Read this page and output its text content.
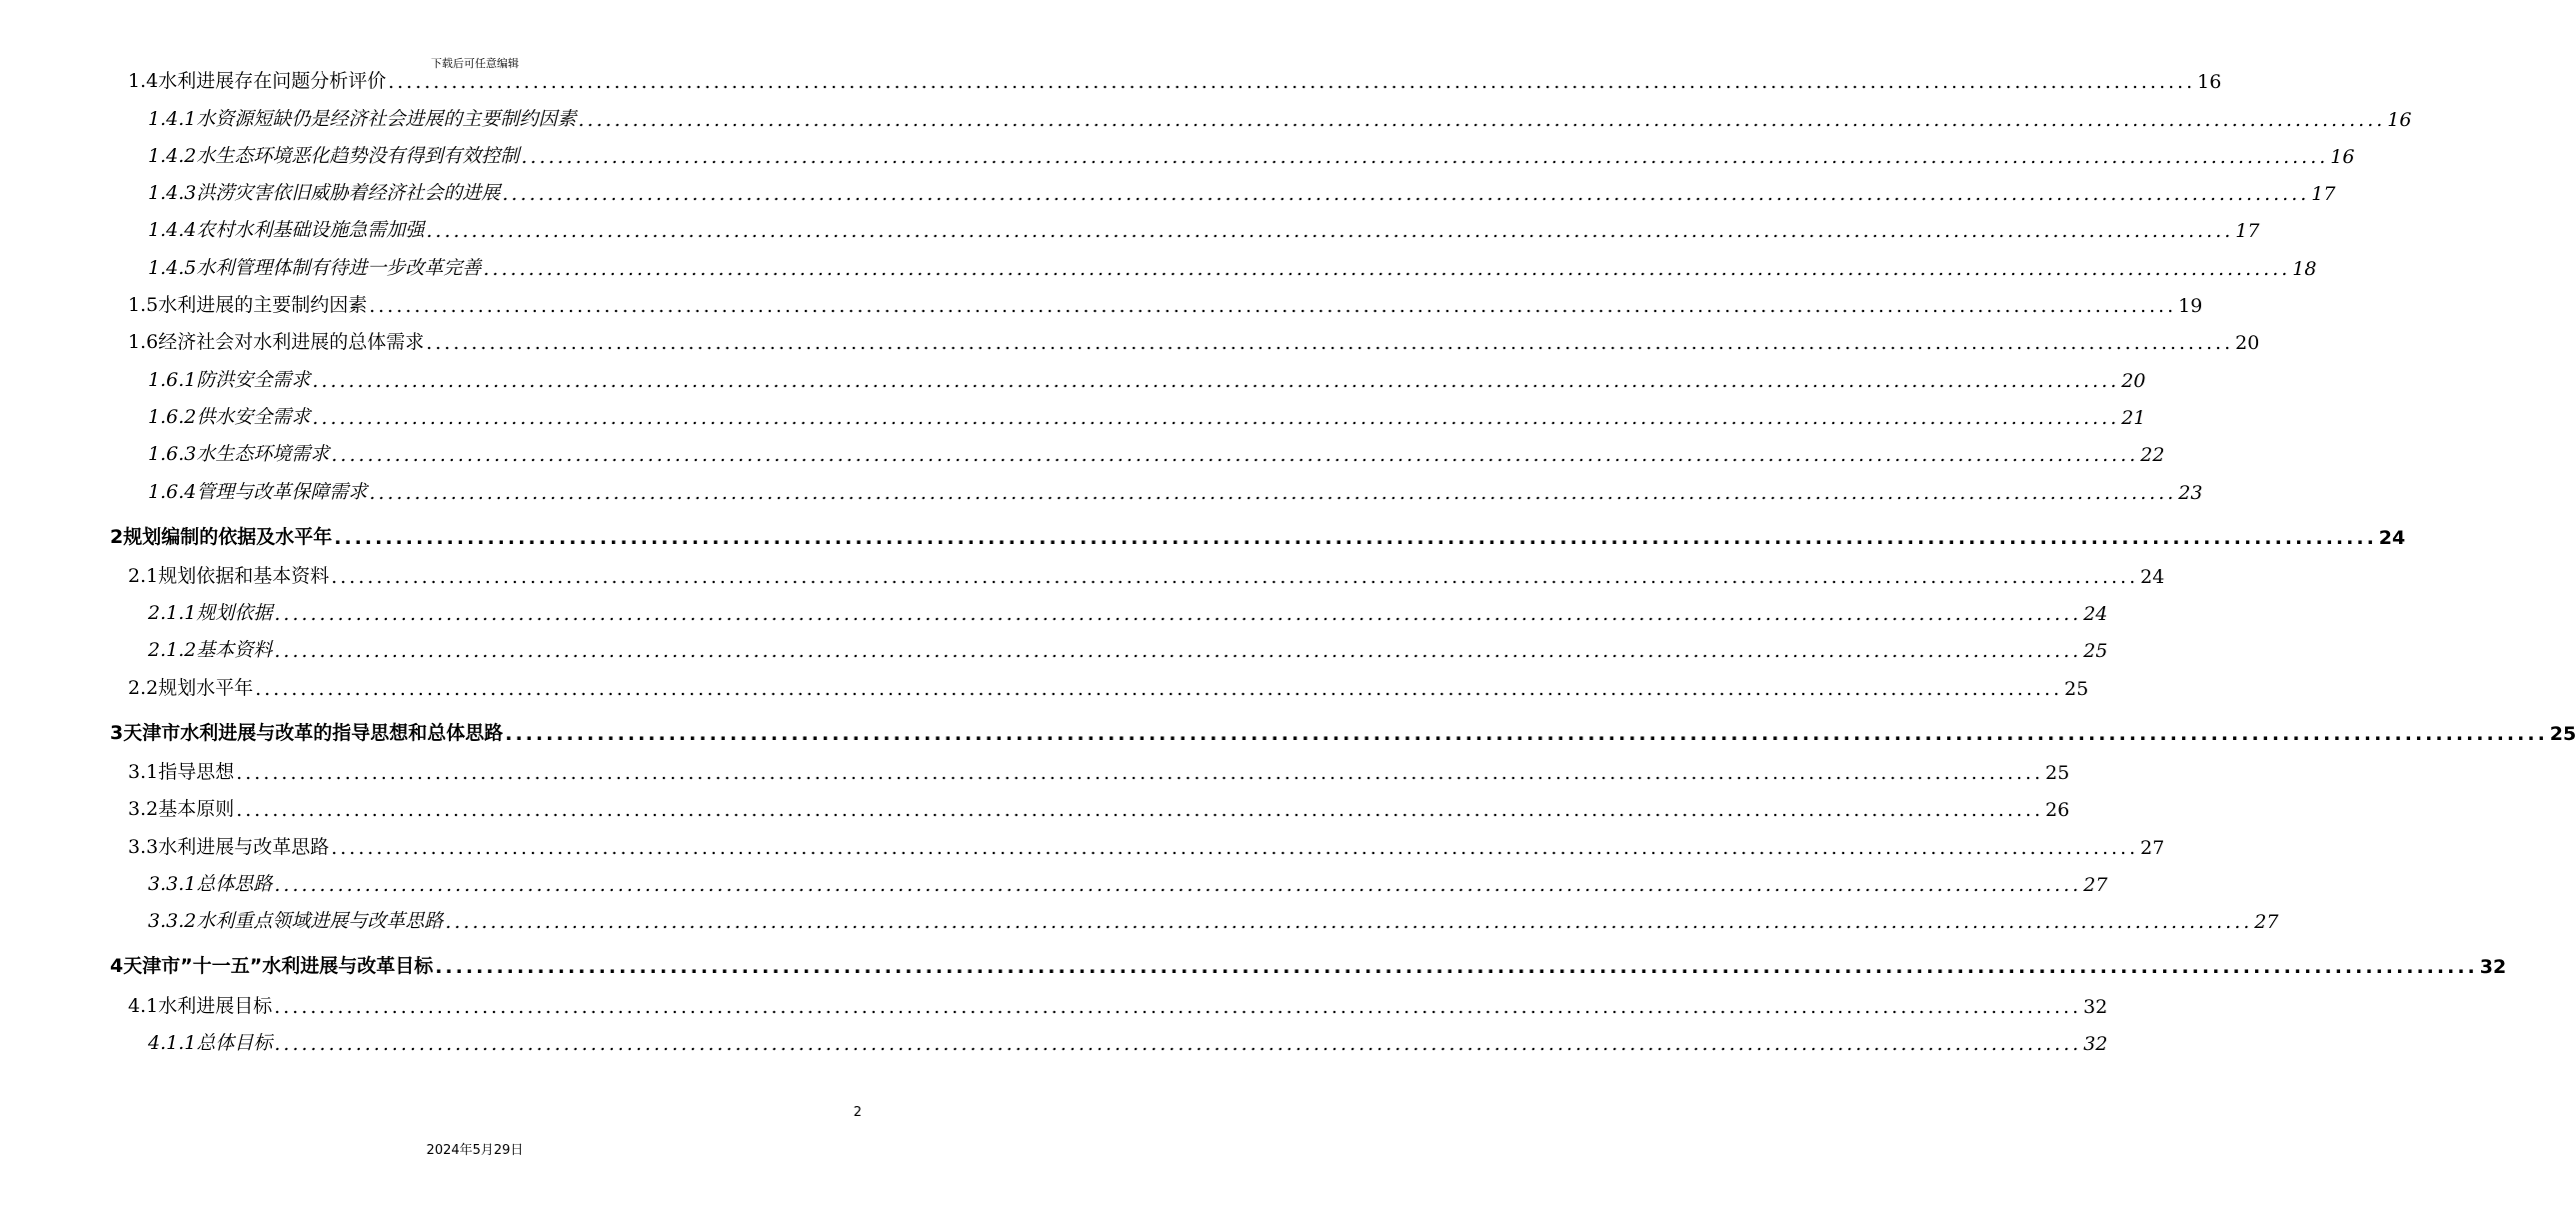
下载后可任意编辑
1.4水利进展存在问题分析评价 ........................................................................................................................................................................................................ 16
1.4.1水资源短缺仍是经济社会进展的主要制约因素 ........................................................................................................................................................................................................ 16
1.4.2水生态环境恶化趋势没有得到有效控制 ........................................................................................................................................................................................................ 16
1.4.3洪涝灾害依旧威胁着经济社会的进展 ........................................................................................................................................................................................................ 17
1.4.4农村水利基础设施急需加强 ........................................................................................................................................................................................................ 17
1.4.5水利管理体制有待进一步改革完善 ........................................................................................................................................................................................................ 18
1.5水利进展的主要制约因素 ........................................................................................................................................................................................................ 19
1.6经济社会对水利进展的总体需求 ........................................................................................................................................................................................................ 20
1.6.1防洪安全需求 ........................................................................................................................................................................................................ 20
1.6.2供水安全需求 ........................................................................................................................................................................................................ 21
1.6.3水生态环境需求 ........................................................................................................................................................................................................ 22
1.6.4管理与改革保障需求 ........................................................................................................................................................................................................ 23
2规划编制的依据及水平年 ........................................................................................................................................................................................................ 24
2.1规划依据和基本资料 ........................................................................................................................................................................................................ 24
2.1.1规划依据 ........................................................................................................................................................................................................ 24
2.1.2基本资料 ........................................................................................................................................................................................................ 25
2.2规划水平年 ........................................................................................................................................................................................................ 25
3天津市水利进展与改革的指导思想和总体思路 ........................................................................................................................................................................................................ 25
3.1指导思想 ........................................................................................................................................................................................................ 25
3.2基本原则 ........................................................................................................................................................................................................ 26
3.3水利进展与改革思路 ........................................................................................................................................................................................................ 27
3.3.1总体思路 ........................................................................................................................................................................................................ 27
3.3.2水利重点领域进展与改革思路 ........................................................................................................................................................................................................ 27
4天津市”十一五”水利进展与改革目标 ........................................................................................................................................................................................................ 32
4.1水利进展目标 ........................................................................................................................................................................................................ 32
4.1.1总体目标 ........................................................................................................................................................................................................ 32
2
2024年5月29日
